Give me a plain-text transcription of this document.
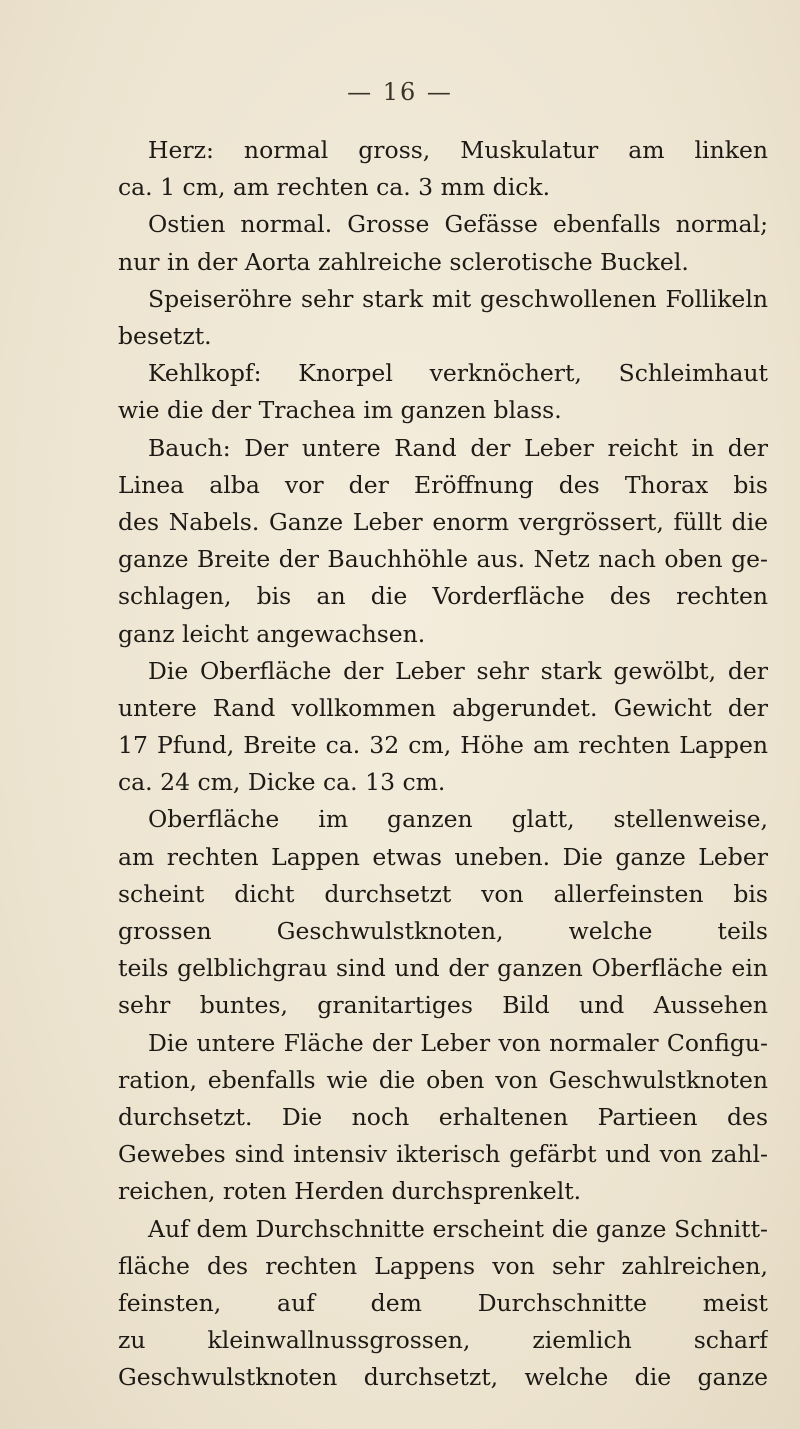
— 16 —
Herz: normal gross, Muskulatur am linken
ca. 1 cm, am rechten ca. 3 mm dick.
Ostien normal. Grosse Gefässe ebenfalls normal;
nur in der Aorta zahlreiche sclerotische Buckel.
Speiseröhre sehr stark mit geschwollenen Follikeln
besetzt.
Kehlkopf: Knorpel verknöchert, Schleimhaut
wie die der Trachea im ganzen blass.
Bauch: Der untere Rand der Leber reicht in der
Linea alba vor der Eröffnung des Thorax bis
des Nabels. Ganze Leber enorm vergrössert, füllt die
ganze Breite der Bauchhöhle aus. Netz nach oben ge-
schlagen, bis an die Vorderfläche des rechten
ganz leicht angewachsen.
Die Oberfläche der Leber sehr stark gewölbt, der
untere Rand vollkommen abgerundet. Gewicht der
17 Pfund, Breite ca. 32 cm, Höhe am rechten Lappen
ca. 24 cm, Dicke ca. 13 cm.
Oberfläche im ganzen glatt, stellenweise,
am rechten Lappen etwas uneben. Die ganze Leber
scheint dicht durchsetzt von allerfeinsten bis
grossen Geschwulstknoten, welche teils
teils gelblichgrau sind und der ganzen Oberfläche ein
sehr buntes, granitartiges Bild und Aussehen
Die untere Fläche der Leber von normaler Configu-
ration, ebenfalls wie die oben von Geschwulstknoten
durchsetzt. Die noch erhaltenen Partieen des
Gewebes sind intensiv ikterisch gefärbt und von zahl-
reichen, roten Herden durchsprenkelt.
Auf dem Durchschnitte erscheint die ganze Schnitt-
fläche des rechten Lappens von sehr zahlreichen,
feinsten, auf dem Durchschnitte meist
zu kleinwallnussgrossen, ziemlich scharf
Geschwulstknoten durchsetzt, welche die ganze
